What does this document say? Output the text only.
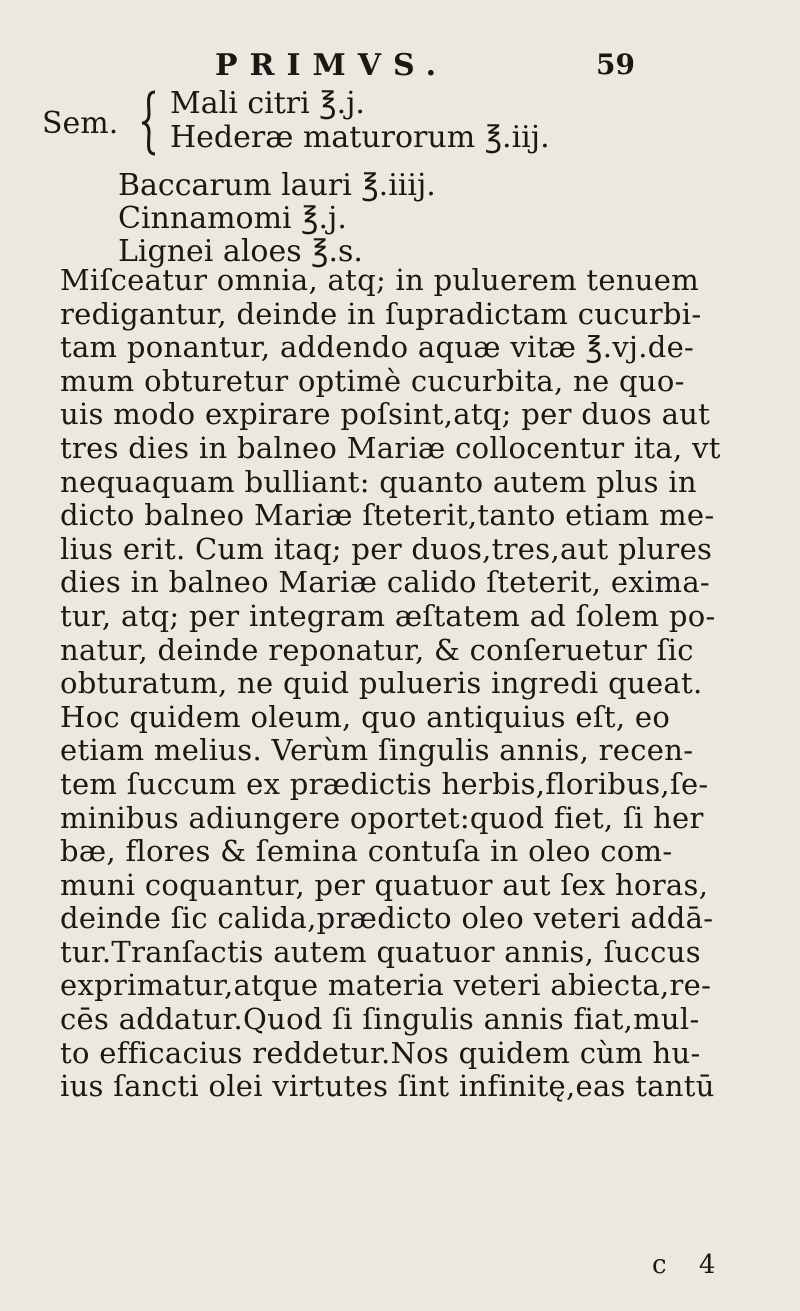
PRIMVS.	59
Sem.
Mali citri ℥.j.
Hederæ maturorum ℥.iij.
Baccarum lauri ℥.iiij.
Cinnamomi ℥.j.
Lignei aloes ℥.s.
Miſceatur omnia, atq; in puluerem tenuem
redigantur, deinde in ſupradictam cucurbi-
tam ponantur, addendo aquæ vitæ ℥.vj.de-
mum obturetur optimè cucurbita, ne quo-
uis modo expirare poſsint,atq; per duos aut
tres dies in balneo Mariæ collocentur ita, vt
nequaquam bulliant: quanto autem plus in
dicto balneo Mariæ ſteterit,tanto etiam me-
lius erit. Cum itaq; per duos,tres,aut plures
dies in balneo Mariæ calido ſteterit, exima-
tur, atq; per integram æſtatem ad ſolem po-
natur, deinde reponatur, & conſeruetur ſic
obturatum, ne quid pulueris ingredi queat.
Hoc quidem oleum, quo antiquius eſt, eo
etiam melius. Verùm ſingulis annis, recen-
tem ſuccum ex prædictis herbis,floribus,ſe-
minibus adiungere oportet:quod fiet, ſi her
bæ, flores & ſemina contuſa in oleo com-
muni coquantur, per quatuor aut ſex horas,
deinde ſic calida,prædicto oleo veteri addā-
tur.Tranſactis autem quatuor annis, ſuccus
exprimatur,atque materia veteri abiecta,re-
cēs addatur.Quod ſi ſingulis annis fiat,mul-
to efficacius reddetur.Nos quidem cùm hu-
ius ſancti olei virtutes ſint infinitę,eas tantū
c 4
